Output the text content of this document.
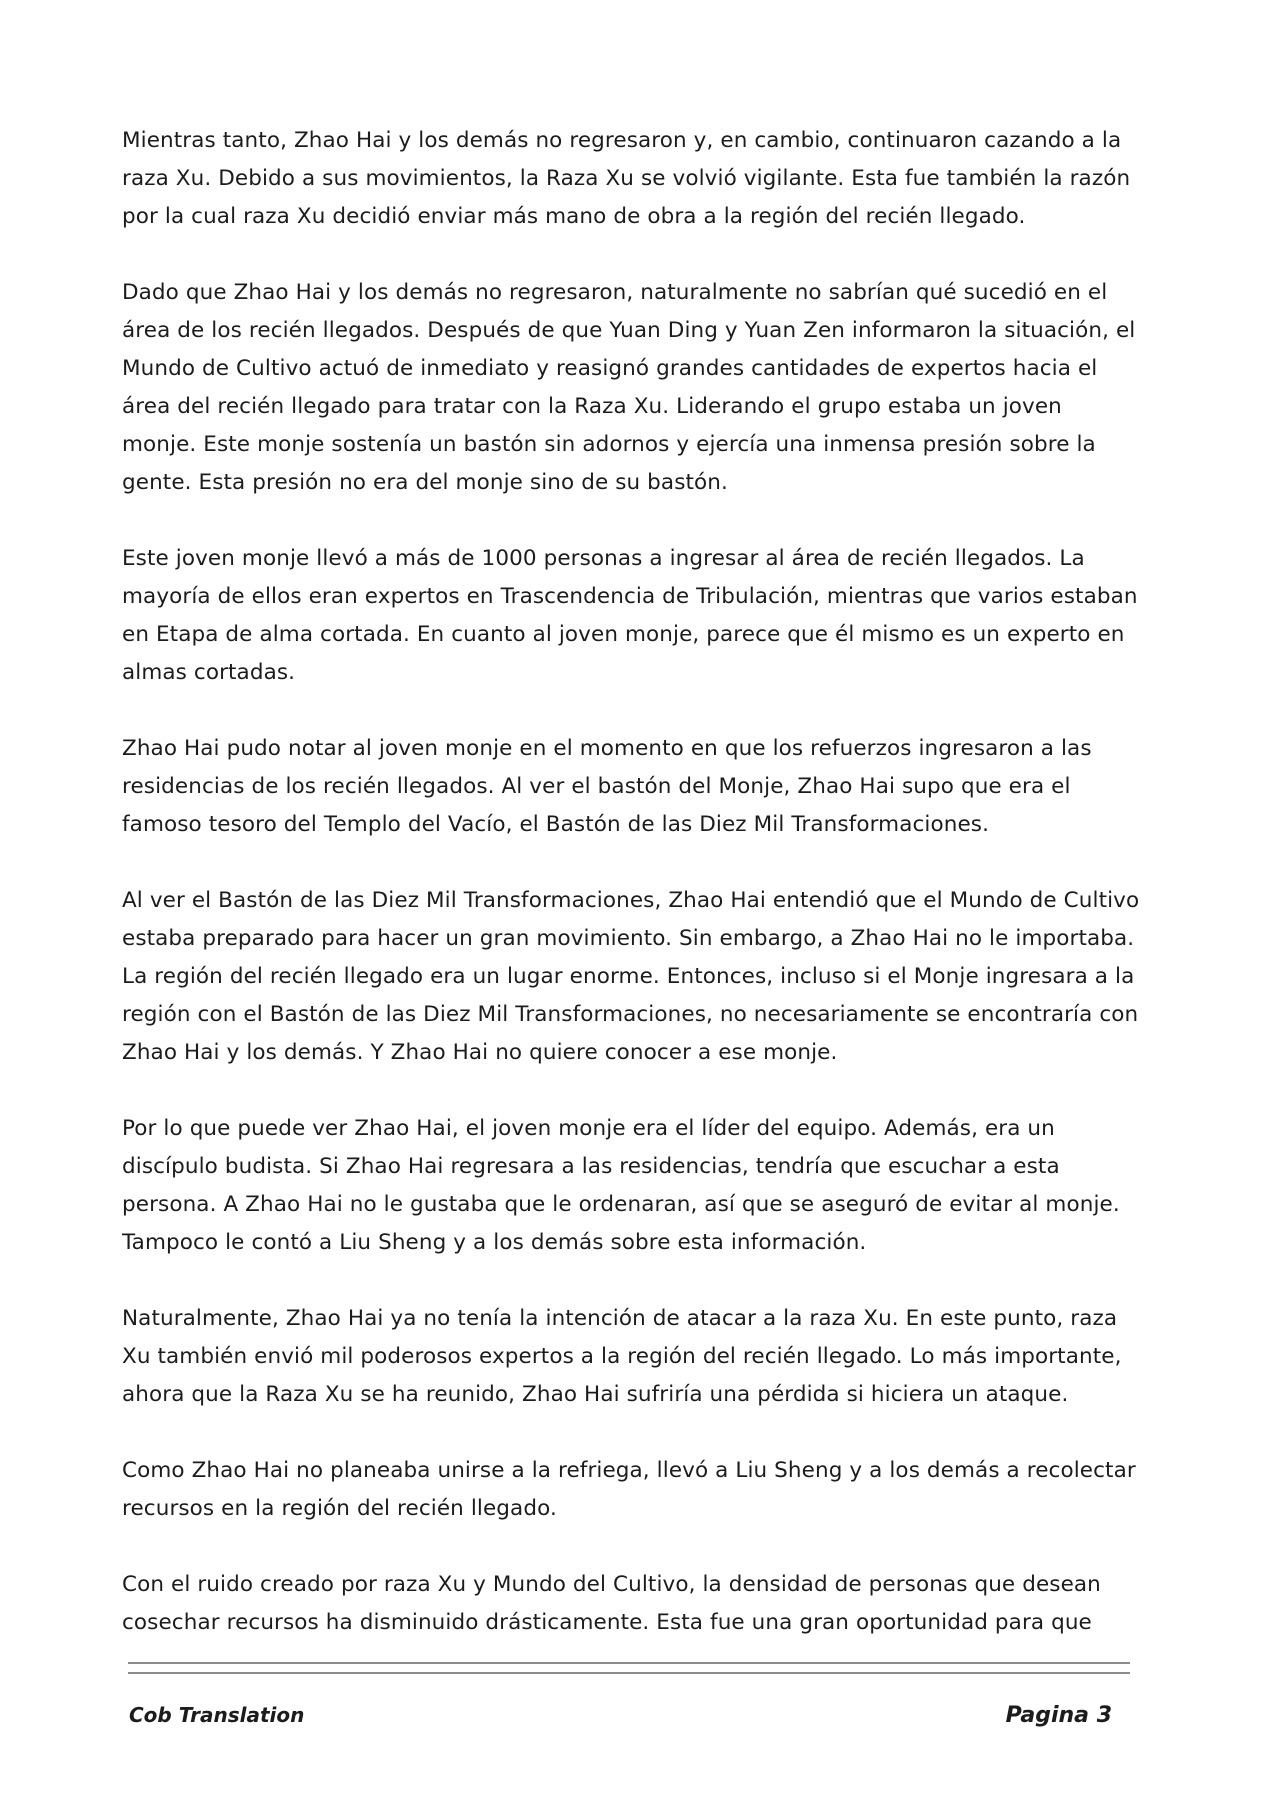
Mientras tanto, Zhao Hai y los demás no regresaron y, en cambio, continuaron cazando a la raza Xu. Debido a sus movimientos, la Raza Xu se volvió vigilante. Esta fue también la razón por la cual raza Xu decidió enviar más mano de obra a la región del recién llegado.

Dado que Zhao Hai y los demás no regresaron, naturalmente no sabrían qué sucedió en el área de los recién llegados. Después de que Yuan Ding y Yuan Zen informaron la situación, el Mundo de Cultivo actuó de inmediato y reasignó grandes cantidades de expertos hacia el área del recién llegado para tratar con la Raza Xu. Liderando el grupo estaba un joven monje. Este monje sostenía un bastón sin adornos y ejercía una inmensa presión sobre la gente. Esta presión no era del monje sino de su bastón.

Este joven monje llevó a más de 1000 personas a ingresar al área de recién llegados. La mayoría de ellos eran expertos en Trascendencia de Tribulación, mientras que varios estaban en Etapa de alma cortada. En cuanto al joven monje, parece que él mismo es un experto en almas cortadas.

Zhao Hai pudo notar al joven monje en el momento en que los refuerzos ingresaron a las residencias de los recién llegados. Al ver el bastón del Monje, Zhao Hai supo que era el famoso tesoro del Templo del Vacío, el Bastón de las Diez Mil Transformaciones.

Al ver el Bastón de las Diez Mil Transformaciones, Zhao Hai entendió que el Mundo de Cultivo estaba preparado para hacer un gran movimiento. Sin embargo, a Zhao Hai no le importaba. La región del recién llegado era un lugar enorme. Entonces, incluso si el Monje ingresara a la región con el Bastón de las Diez Mil Transformaciones, no necesariamente se encontraría con Zhao Hai y los demás. Y Zhao Hai no quiere conocer a ese monje.

Por lo que puede ver Zhao Hai, el joven monje era el líder del equipo. Además, era un discípulo budista. Si Zhao Hai regresara a las residencias, tendría que escuchar a esta persona. A Zhao Hai no le gustaba que le ordenaran, así que se aseguró de evitar al monje. Tampoco le contó a Liu Sheng y a los demás sobre esta información.

Naturalmente, Zhao Hai ya no tenía la intención de atacar a la raza Xu. En este punto, raza Xu también envió mil poderosos expertos a la región del recién llegado. Lo más importante, ahora que la Raza Xu se ha reunido, Zhao Hai sufriría una pérdida si hiciera un ataque.

Como Zhao Hai no planeaba unirse a la refriega, llevó a Liu Sheng y a los demás a recolectar recursos en la región del recién llegado.

Con el ruido creado por raza Xu y Mundo del Cultivo, la densidad de personas que desean cosechar recursos ha disminuido drásticamente. Esta fue una gran oportunidad para que

Cob Translation	Pagina 3
